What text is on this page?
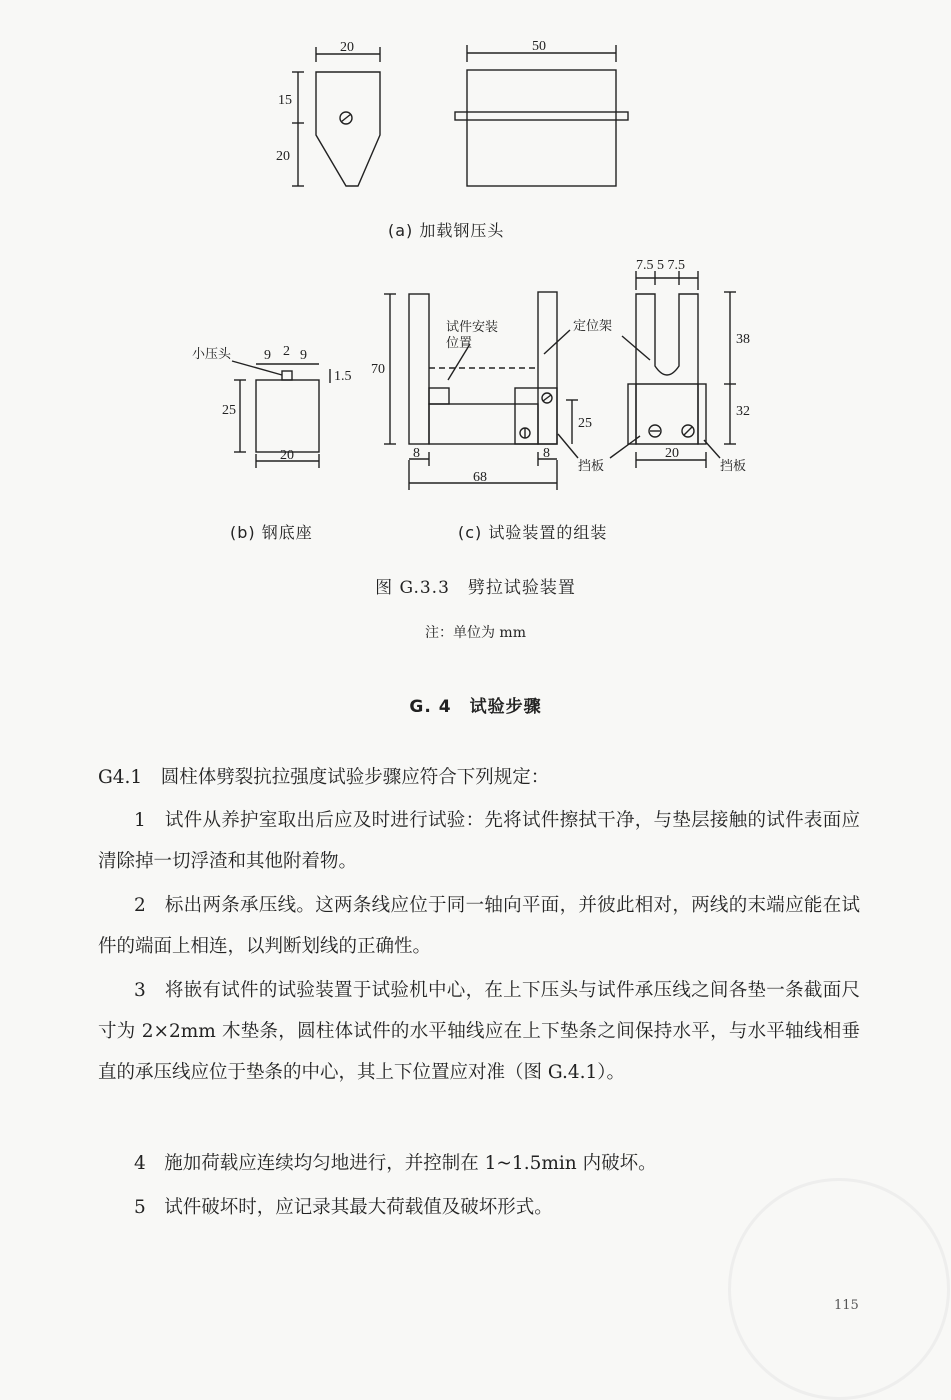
20
15
20
50
小压头 9 2 9
1.5
25
20
70
试件安装
位置
定位架
8	8
25
68
挡板
7.5 5 7.5
38
32
20
挡板
(a) 加载钢压头
(b) 钢底座	(c) 试验装置的组装
图 G.3.3　劈拉试验装置
注：单位为 mm
G. 4　试验步骤
G4.1　圆柱体劈裂抗拉强度试验步骤应符合下列规定：
1　试件从养护室取出后应及时进行试验：先将试件擦拭干净，与垫层接触的试件表面应清除掉一切浮渣和其他附着物。
2　标出两条承压线。这两条线应位于同一轴向平面，并彼此相对，两线的末端应能在试件的端面上相连，以判断划线的正确性。
3　将嵌有试件的试验装置于试验机中心，在上下压头与试件承压线之间各垫一条截面尺寸为 2×2mm 木垫条，圆柱体试件的水平轴线应在上下垫条之间保持水平，与水平轴线相垂直的承压线应位于垫条的中心，其上下位置应对准（图 G.4.1）。
4　施加荷载应连续均匀地进行，并控制在 1~1.5min 内破坏。
5　试件破坏时，应记录其最大荷载值及破坏形式。
115
